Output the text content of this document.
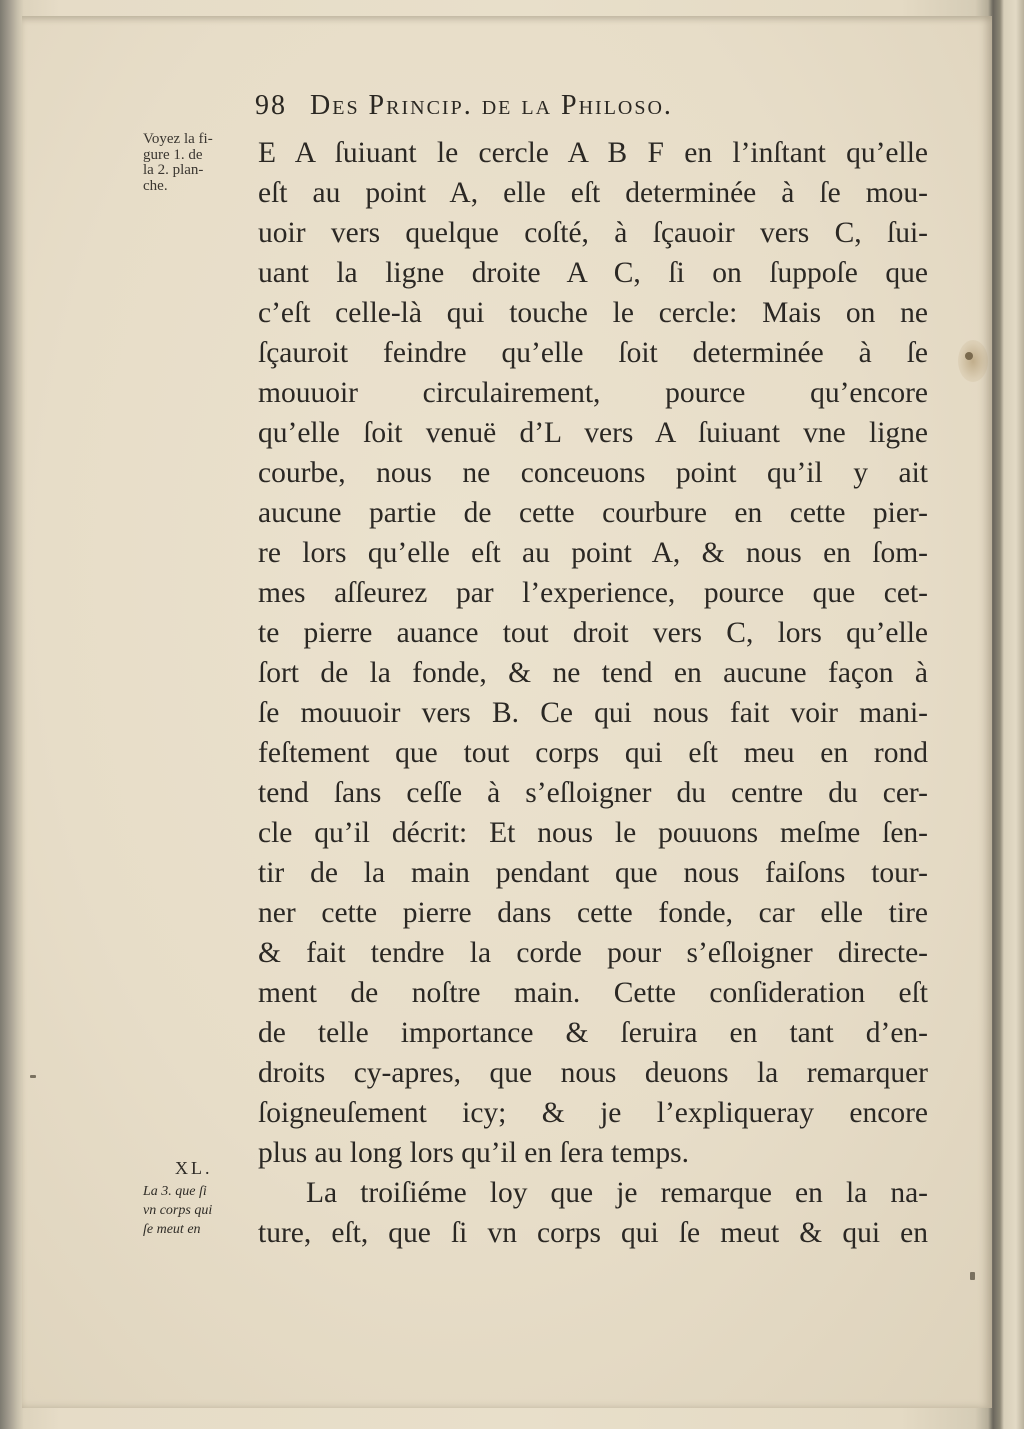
98 Des Princip. de la Philoso.
Voyez la fi-
gure 1. de
la 2. plan-
che.
E A ſuiuant le cercle A B F en l’inſtant qu’elle
eſt au point A, elle eſt determinée à ſe mou-
uoir vers quelque coſté, à ſçauoir vers C, ſui-
uant la ligne droite A C, ſi on ſuppoſe que
c’eſt celle-là qui touche le cercle: Mais on ne
ſçauroit feindre qu’elle ſoit determinée à ſe
mouuoir circulairement, pource qu’encore
qu’elle ſoit venuë d’L vers A ſuiuant vne ligne
courbe, nous ne conceuons point qu’il y ait
aucune partie de cette courbure en cette pier-
re lors qu’elle eſt au point A, & nous en ſom-
mes aſſeurez par l’experience, pource que cet-
te pierre auance tout droit vers C, lors qu’elle
ſort de la fonde, & ne tend en aucune façon à
ſe mouuoir vers B. Ce qui nous fait voir mani-
feſtement que tout corps qui eſt meu en rond
tend ſans ceſſe à s’eſloigner du centre du cer-
cle qu’il décrit: Et nous le pouuons meſme ſen-
tir de la main pendant que nous faiſons tour-
ner cette pierre dans cette fonde, car elle tire
& fait tendre la corde pour s’eſloigner directe-
ment de noſtre main. Cette conſideration eſt
de telle importance & ſeruira en tant d’en-
droits cy-apres, que nous deuons la remarquer
ſoigneuſement icy; & je l’expliqueray encore
plus au long lors qu’il en ſera temps.
La troiſiéme loy que je remarque en la na-
ture, eſt, que ſi vn corps qui ſe meut & qui en
XL.
La 3. que ſi
vn corps qui
ſe meut en
